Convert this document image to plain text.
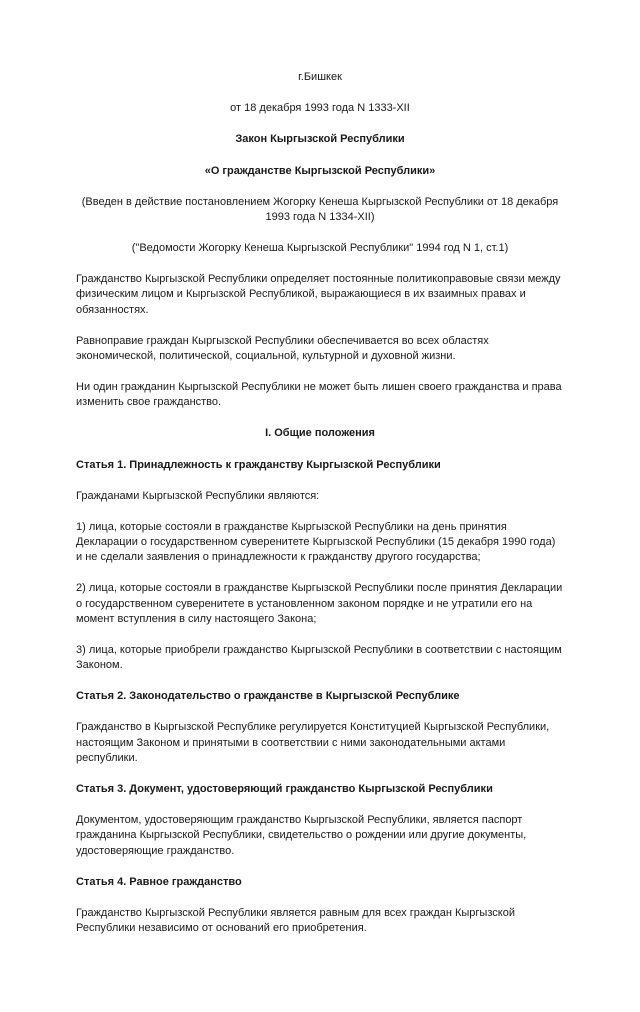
г.Бишкек

от 18 декабря 1993 года N 1333-XII

Закон Кыргызской Республики

«О гражданстве Кыргызской Республики»

(Введен в действие постановлением Жогорку Кенеша Кыргызской Республики от 18 декабря 1993 года N 1334-XII)

("Ведомости Жогорку Кенеша Кыргызской Республики" 1994 год N 1, ст.1)

Гражданство Кыргызской Республики определяет постоянные политикоправовые связи между физическим лицом и Кыргызской Республикой, выражающиеся в их взаимных правах и обязанностях.

Равноправие граждан Кыргызской Республики обеспечивается во всех областях экономической, политической, социальной, культурной и духовной жизни.

Ни один гражданин Кыргызской Республики не может быть лишен своего гражданства и права изменить свое гражданство.

I. Общие положения

Статья 1. Принадлежность к гражданству Кыргызской Республики

Гражданами Кыргызской Республики являются:

1) лица, которые состояли в гражданстве Кыргызской Республики на день принятия Декларации о государственном суверенитете Кыргызской Республики (15 декабря 1990 года) и не сделали заявления о принадлежности к гражданству другого государства;

2) лица, которые состояли в гражданстве Кыргызской Республики после принятия Декларации о государственном суверенитете в установленном законом порядке и не утратили его на момент вступления в силу настоящего Закона;

3) лица, которые приобрели гражданство Кыргызской Республики в соответствии с настоящим Законом.

Статья 2. Законодательство о гражданстве в Кыргызской Республике

Гражданство в Кыргызской Республике регулируется Конституцией Кыргызской Республики, настоящим Законом и принятыми в соответствии с ними законодательными актами республики.

Статья 3. Документ, удостоверяющий гражданство Кыргызской Республики

Документом, удостоверяющим гражданство Кыргызской Республики, является паспорт гражданина Кыргызской Республики, свидетельство о рождении или другие документы, удостоверяющие гражданство.

Статья 4. Равное гражданство

Гражданство Кыргызской Республики является равным для всех граждан Кыргызской Республики независимо от оснований его приобретения.
